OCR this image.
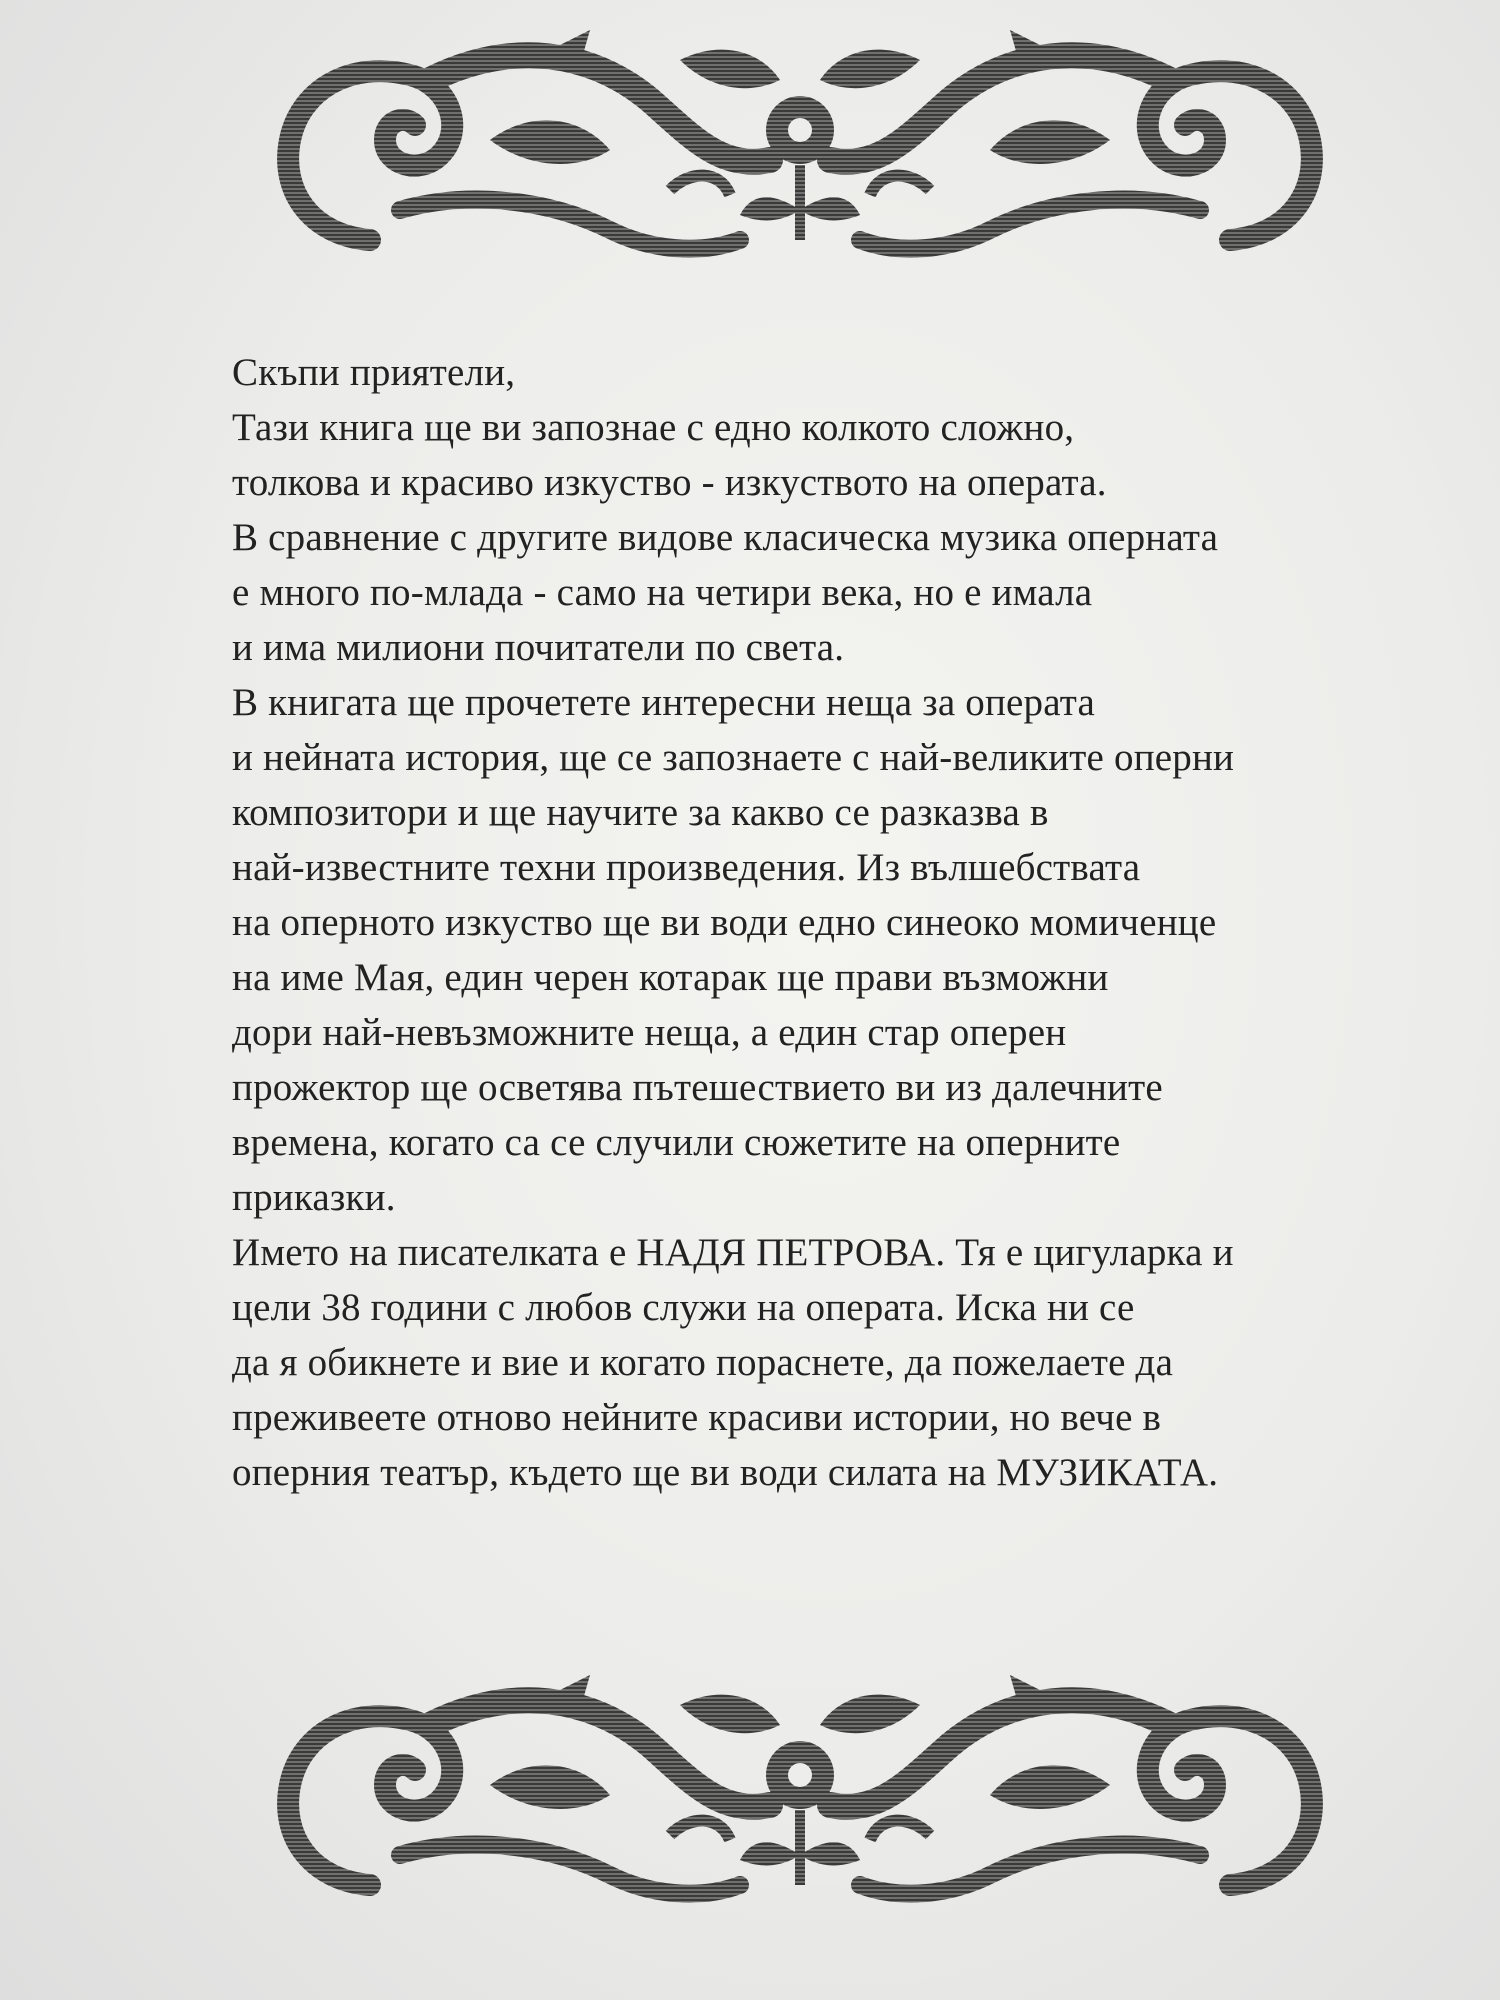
Скъпи приятели,
Тази книга ще ви запознае с едно колкото сложно,
толкова и красиво изкуство - изкуството на операта.
В сравнение с другите видове класическа музика оперната
е много по-млада - само на четири века, но е имала
и има милиони почитатели по света.
В книгата ще прочетете интересни неща за операта
и нейната история, ще се запознаете с най-великите оперни
композитори и ще научите за какво се разказва в
най-известните техни произведения. Из вълшебствата
на оперното изкуство ще ви води едно синеоко момиченце
на име Мая, един черен котарак ще прави възможни
дори най-невъзможните неща, а един стар оперен
прожектор ще осветява пътешествието ви из далечните
времена, когато са се случили сюжетите на оперните
приказки.
Името на писателката е НАДЯ ПЕТРОВА. Тя е цигуларка и
цели 38 години с любов служи на операта. Иска ни се
да я обикнете и вие и когато пораснете, да пожелаете да
преживеете отново нейните красиви истории, но вече в
оперния театър, където ще ви води силата на МУЗИКАТА.
